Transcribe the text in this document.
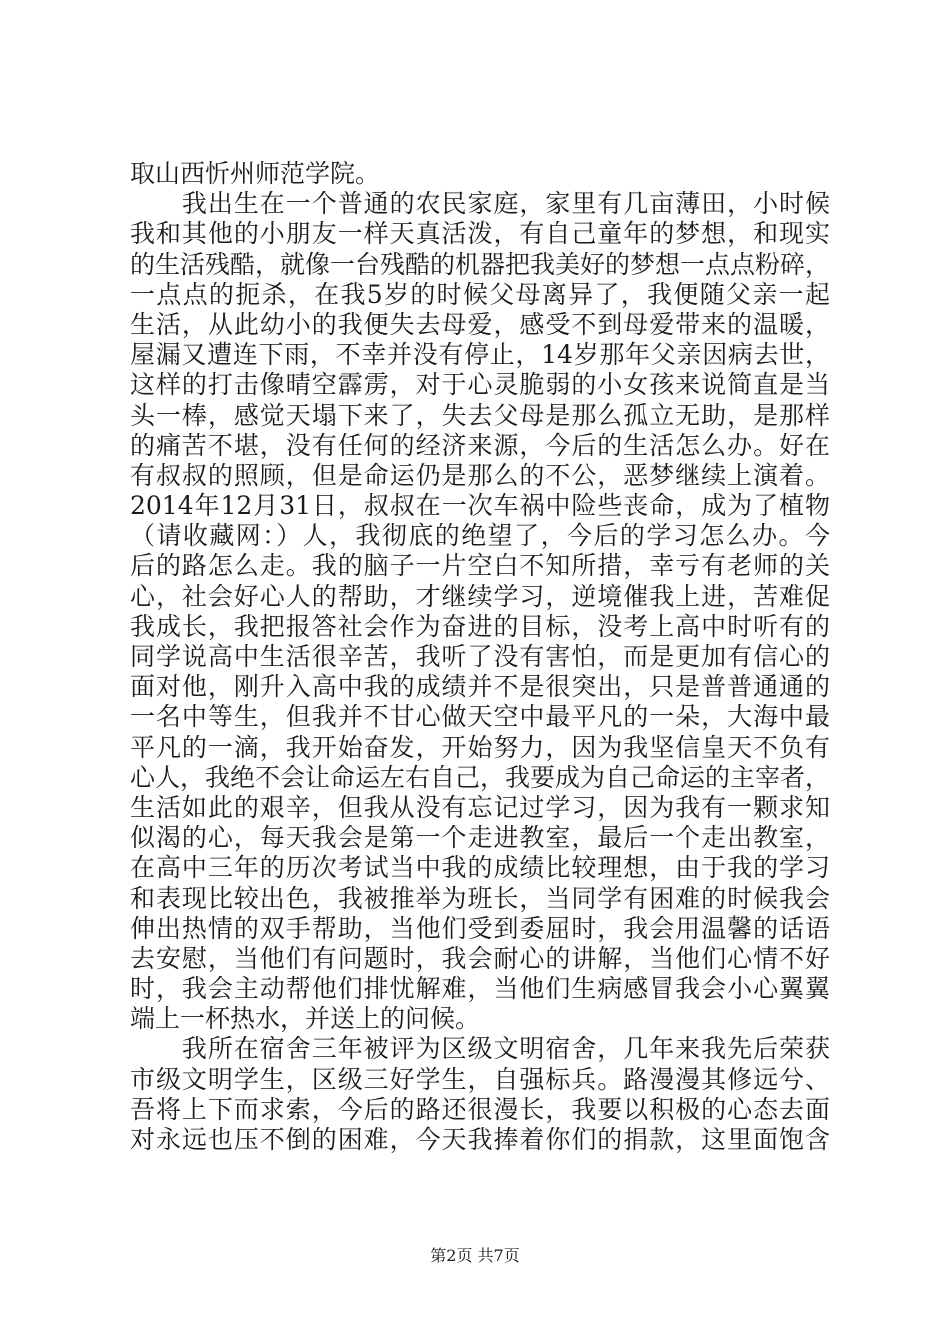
取山西忻州师范学院。
　　我出生在一个普通的农民家庭，家里有几亩薄田，小时候
我和其他的小朋友一样天真活泼，有自己童年的梦想，和现实
的生活残酷，就像一台残酷的机器把我美好的梦想一点点粉碎，
一点点的扼杀，在我5岁的时候父母离异了，我便随父亲一起
生活，从此幼小的我便失去母爱，感受不到母爱带来的温暖，
屋漏又遭连下雨，不幸并没有停止，14岁那年父亲因病去世，
这样的打击像晴空霹雳，对于心灵脆弱的小女孩来说简直是当
头一棒，感觉天塌下来了，失去父母是那么孤立无助，是那样
的痛苦不堪，没有任何的经济来源，今后的生活怎么办。好在
有叔叔的照顾，但是命运仍是那么的不公，恶梦继续上演着。
2014年12月31日，叔叔在一次车祸中险些丧命，成为了植物
（请收藏网：）人，我彻底的绝望了，今后的学习怎么办。今
后的路怎么走。我的脑子一片空白不知所措，幸亏有老师的关
心，社会好心人的帮助，才继续学习，逆境催我上进，苦难促
我成长，我把报答社会作为奋进的目标，没考上高中时听有的
同学说高中生活很辛苦，我听了没有害怕，而是更加有信心的
面对他，刚升入高中我的成绩并不是很突出，只是普普通通的
一名中等生，但我并不甘心做天空中最平凡的一朵，大海中最
平凡的一滴，我开始奋发，开始努力，因为我坚信皇天不负有
心人，我绝不会让命运左右自己，我要成为自己命运的主宰者，
生活如此的艰辛，但我从没有忘记过学习，因为我有一颗求知
似渴的心，每天我会是第一个走进教室，最后一个走出教室，
在高中三年的历次考试当中我的成绩比较理想，由于我的学习
和表现比较出色，我被推举为班长，当同学有困难的时候我会
伸出热情的双手帮助，当他们受到委屈时，我会用温馨的话语
去安慰，当他们有问题时，我会耐心的讲解，当他们心情不好
时，我会主动帮他们排忧解难，当他们生病感冒我会小心翼翼
端上一杯热水，并送上的问候。
　　我所在宿舍三年被评为区级文明宿舍，几年来我先后荣获
市级文明学生，区级三好学生，自强标兵。路漫漫其修远兮、
吾将上下而求索，今后的路还很漫长，我要以积极的心态去面
对永远也压不倒的困难，今天我捧着你们的捐款，这里面饱含
第2页 共7页
